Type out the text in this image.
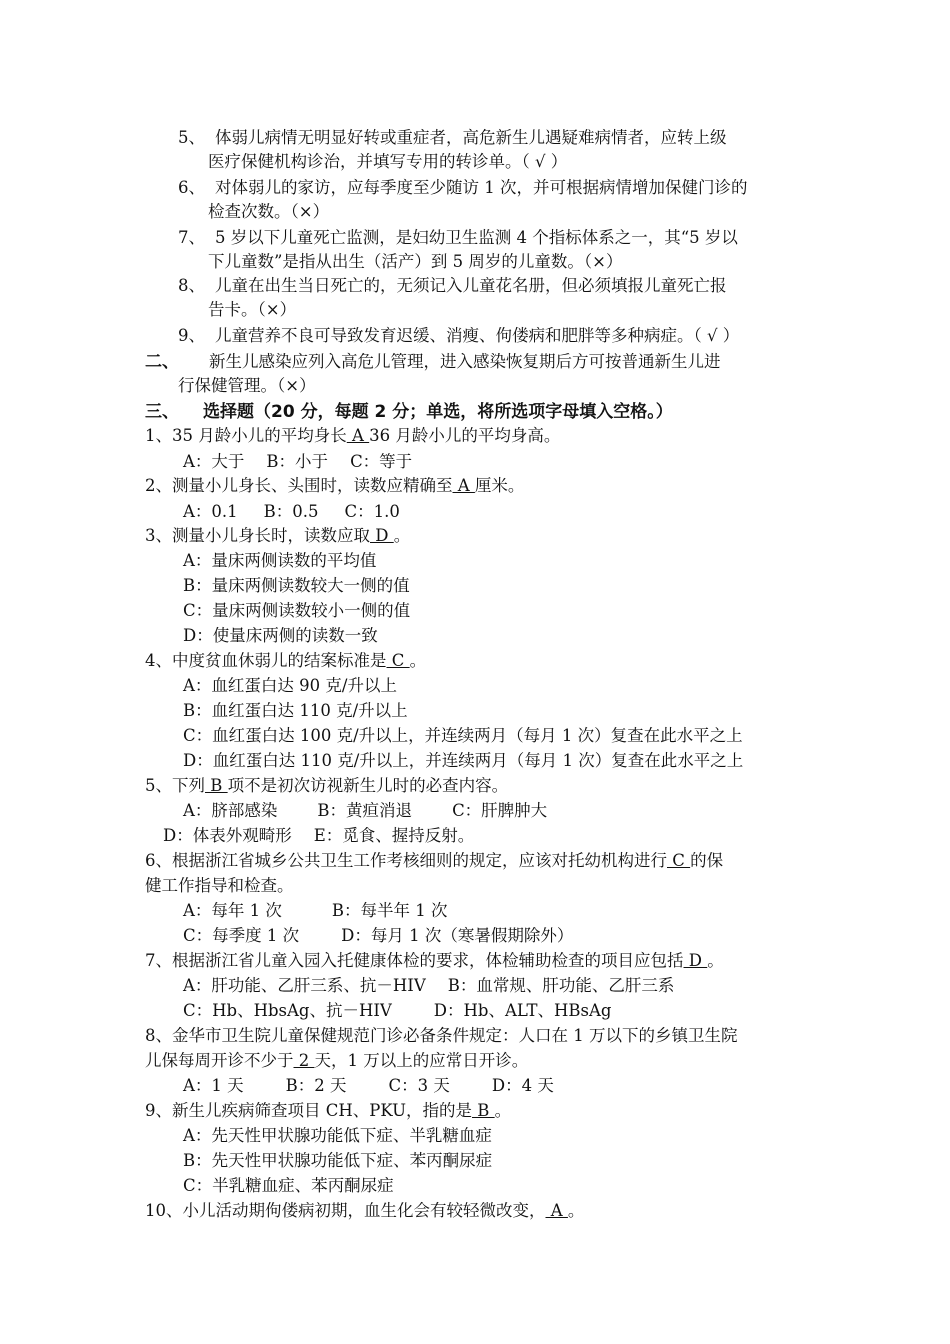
5、 体弱儿病情无明显好转或重症者，高危新生儿遇疑难病情者，应转上级
医疗保健机构诊治，并填写专用的转诊单。（ √ ）
6、 对体弱儿的家访，应每季度至少随访 1 次，并可根据病情增加保健门诊的
检查次数。（×）
7、 5 岁以下儿童死亡监测，是妇幼卫生监测 4 个指标体系之一，其“5 岁以
下儿童数”是指从出生（活产）到 5 周岁的儿童数。（×）
8、 儿童在出生当日死亡的，无须记入儿童花名册，但必须填报儿童死亡报
告卡。（×）
9、 儿童营养不良可导致发育迟缓、消瘦、佝偻病和肥胖等多种病症。（ √ ）
二、 新生儿感染应列入高危儿管理，进入感染恢复期后方可按普通新生儿进
行保健管理。（×）
三、 选择题（20 分，每题 2 分；单选，将所选项字母填入空格。）
1、35 月龄小儿的平均身长 A 36 月龄小儿的平均身高。
A：大于 B：小于 C：等于
2、测量小儿身长、头围时，读数应精确至 A 厘米。
A：0.1 B：0.5 C：1.0
3、测量小儿身长时，读数应取 D 。
A：量床两侧读数的平均值
B：量床两侧读数较大一侧的值
C：量床两侧读数较小一侧的值
D：使量床两侧的读数一致
4、中度贫血休弱儿的结案标准是 C 。
A：血红蛋白达 90 克/升以上
B：血红蛋白达 110 克/升以上
C：血红蛋白达 100 克/升以上，并连续两月（每月 1 次）复查在此水平之上
D：血红蛋白达 110 克/升以上，并连续两月（每月 1 次）复查在此水平之上
5、下列 B 项不是初次访视新生儿时的必查内容。
A：脐部感染 B：黄疸消退 C：肝脾肿大
D：体表外观畸形 E：觅食、握持反射。
6、根据浙江省城乡公共卫生工作考核细则的规定，应该对托幼机构进行 C 的保
健工作指导和检查。
A：每年 1 次	B：每半年 1 次
C：每季度 1 次	D：每月 1 次（寒暑假期除外）
7、根据浙江省儿童入园入托健康体检的要求，体检辅助检查的项目应包括 D 。
A：肝功能、乙肝三系、抗－HIV B：血常规、肝功能、乙肝三系
C：Hb、HbsAg、抗－HIV	D：Hb、ALT、HBsAg
8、金华市卫生院儿童保健规范门诊必备条件规定：人口在 1 万以下的乡镇卫生院
儿保每周开诊不少于 2 天，1 万以上的应常日开诊。
A：1 天	B：2 天	C：3 天	D：4 天
9、新生儿疾病筛查项目 CH、PKU，指的是 B 。
A：先天性甲状腺功能低下症、半乳糖血症
B：先天性甲状腺功能低下症、苯丙酮尿症
C：半乳糖血症、苯丙酮尿症
10、小儿活动期佝偻病初期，血生化会有较轻微改变， A 。
